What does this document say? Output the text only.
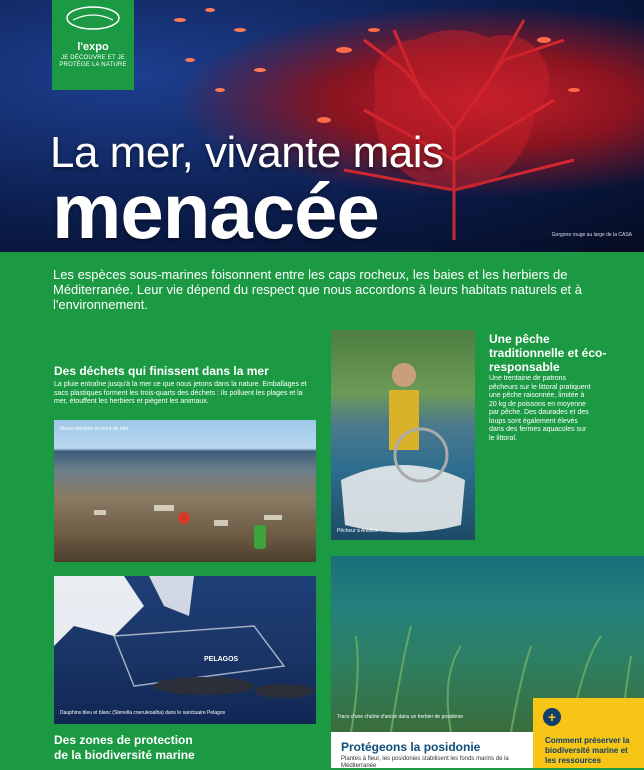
l'expo
JE DÉCOUVRE ET JE PROTÈGE LA NATURE
La mer, vivante mais
menacée	Gorgone rouge au large de la CASA
Les espèces sous-marines foisonnent entre les caps rocheux, les baies et les herbiers de Méditerranée. Leur vie dépend du respect que nous accordons à leurs habitats naturels et à l'environnement.
Des déchets qui finissent dans la mer
La pluie entraîne jusqu'à la mer ce que nous jetons dans la nature. Emballages et sacs plastiques forment les trois-quarts des déchets : ils polluent les plages et la mer, étouffent les herbiers et piègent les animaux.
Macro-déchets en bord de mer
Pêcheur à Antibes
Une pêche traditionnelle et éco-responsable
Une trentaine de patrons pêcheurs sur le littoral pratiquent une pêche raisonnée, limitée à 20 kg de poissons en moyenne par pêche. Des daurades et des loups sont également élevés dans des fermes aquacoles sur le littoral.
PELAGOS
Dauphins bleu et blanc (Stenella coeruleoalba) dans le sanctuaire Pelagos
Des zones de protection
de la biodiversité marine
Trace d'une chaîne d'ancre dans un herbier de posidonie
Protégeons la posidonie
Plantes à fleur, les posidonies stabilisent les fonds marins de la Méditerranée
+
Comment préserver la biodiversité marine et les ressources
